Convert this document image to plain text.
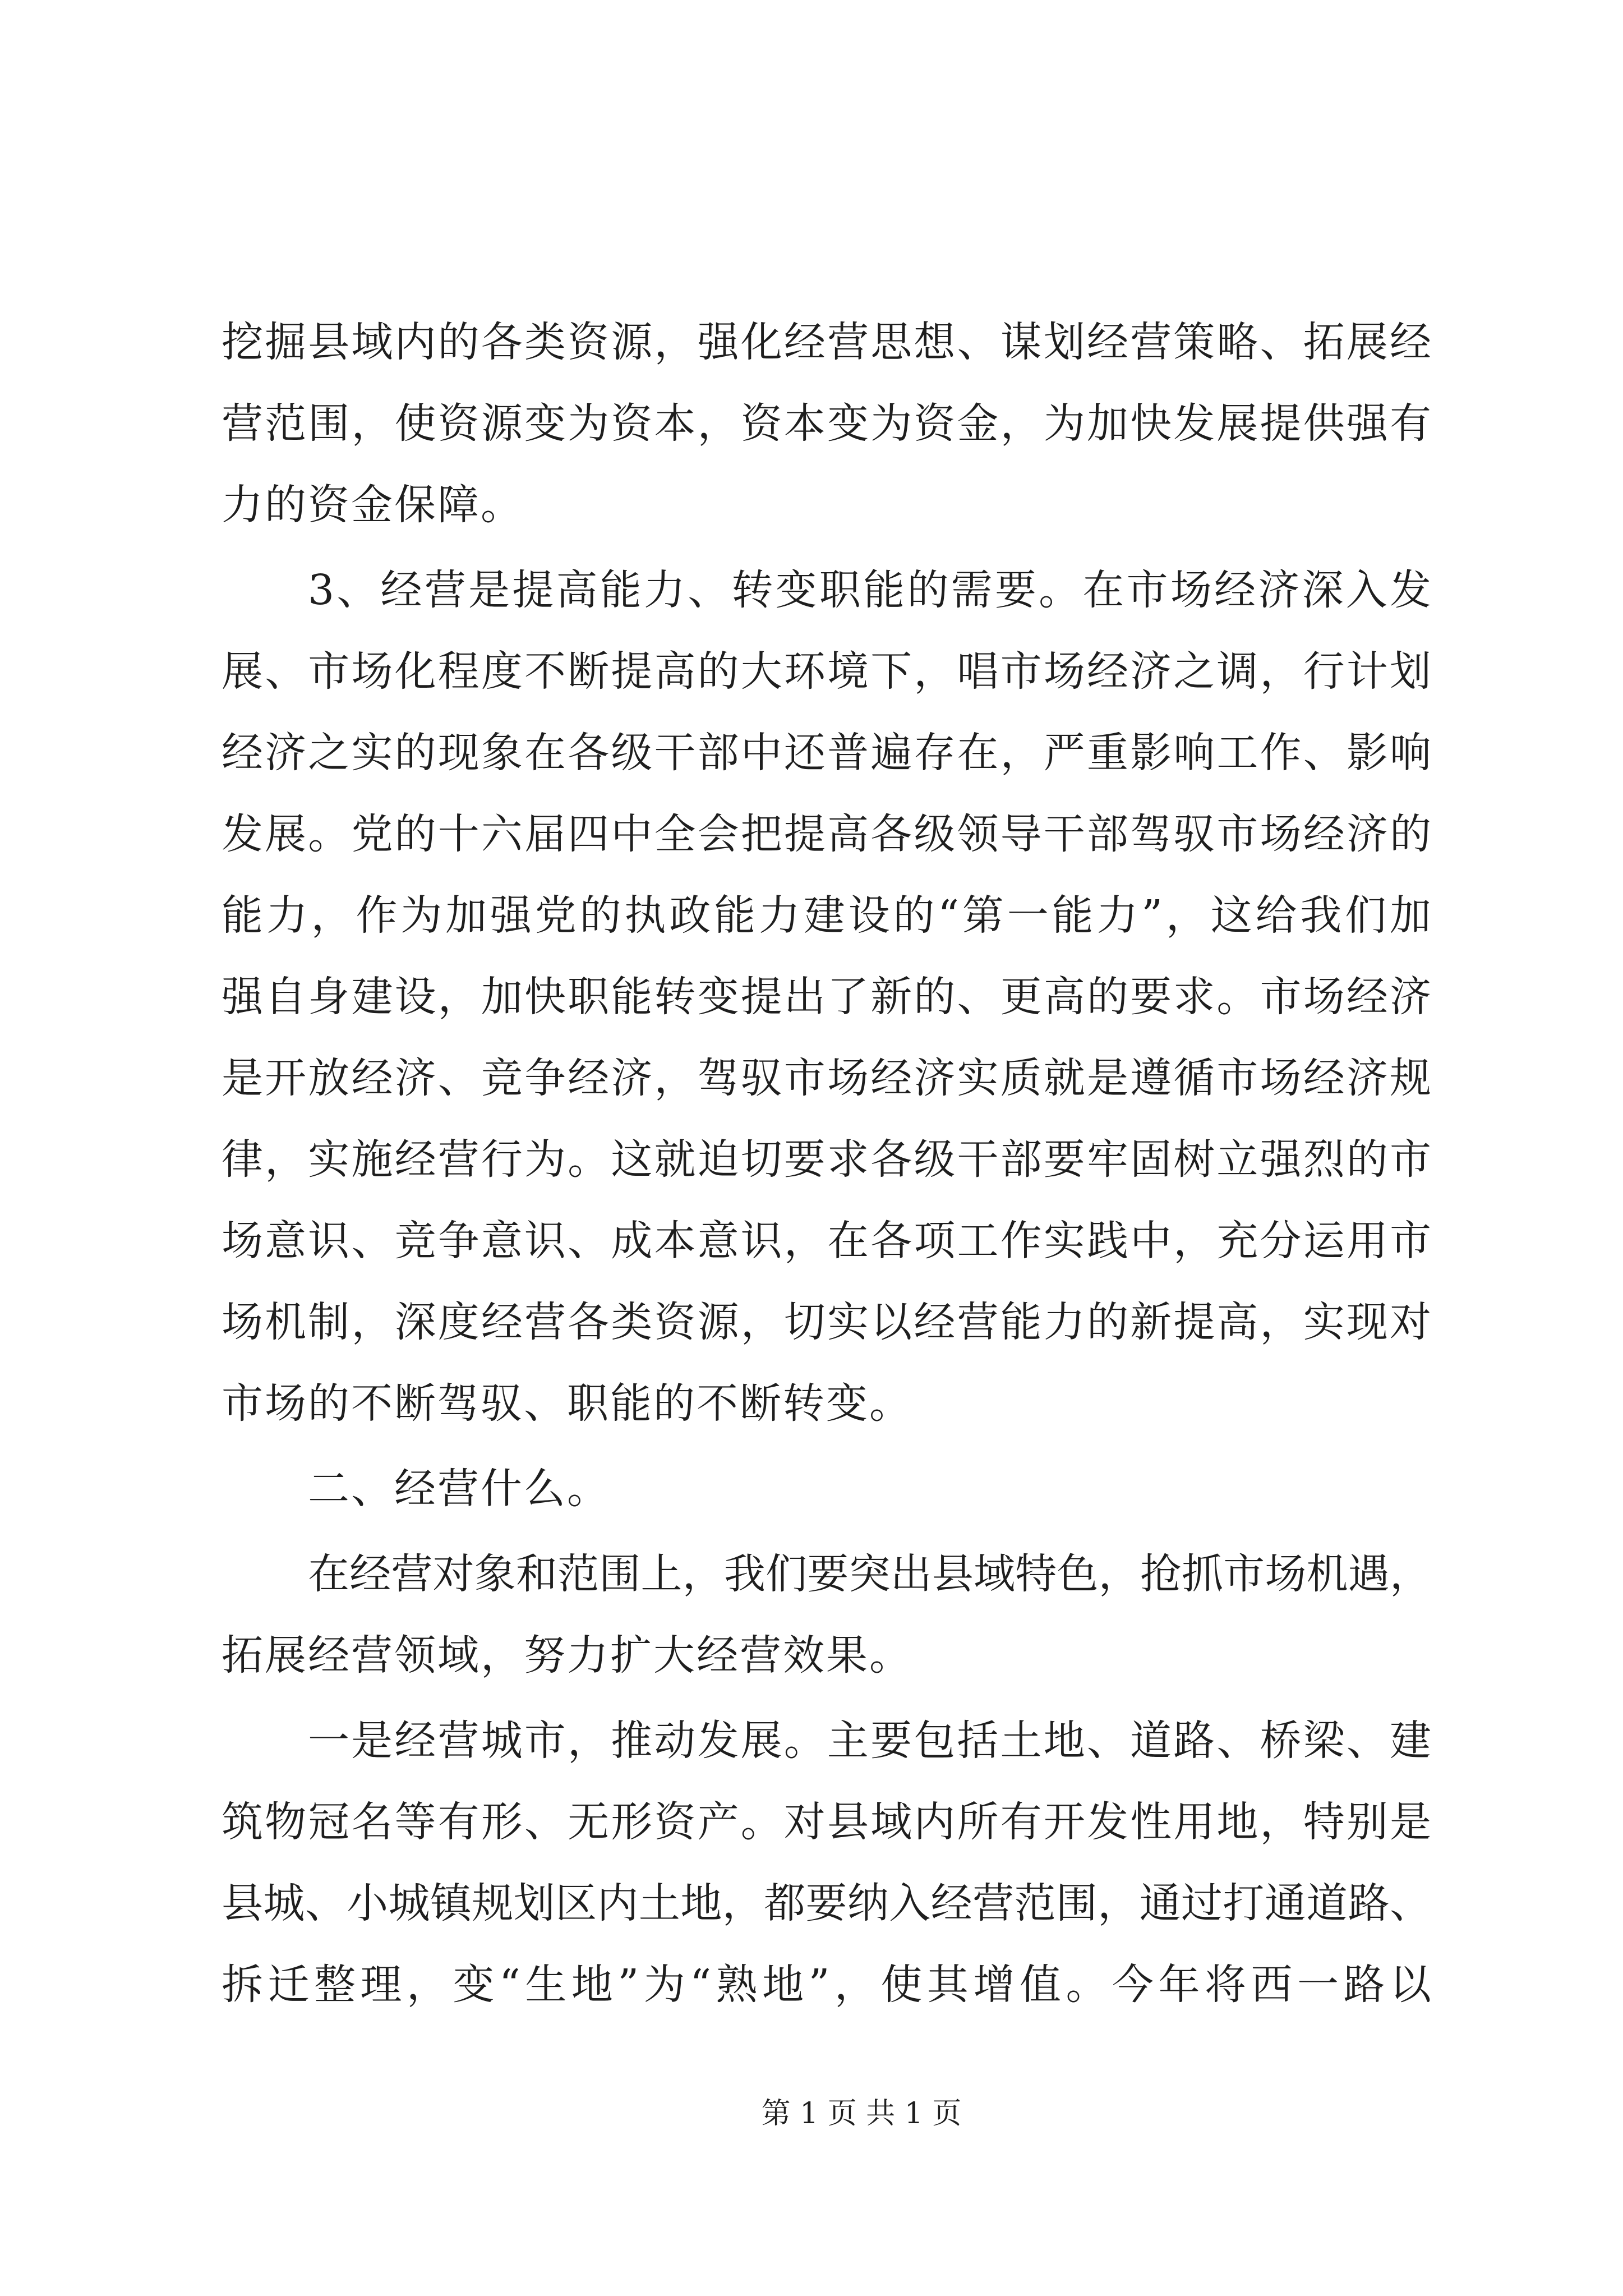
挖掘县域内的各类资源，强化经营思想、谋划经营策略、拓展经
营范围，使资源变为资本，资本变为资金，为加快发展提供强有
力的资金保障。
3、经营是提高能力、转变职能的需要。在市场经济深入发
展、市场化程度不断提高的大环境下，唱市场经济之调，行计划
经济之实的现象在各级干部中还普遍存在，严重影响工作、影响
发展。党的十六届四中全会把提高各级领导干部驾驭市场经济的
能力，作为加强党的执政能力建设的“第一能力”，这给我们加
强自身建设，加快职能转变提出了新的、更高的要求。市场经济
是开放经济、竞争经济，驾驭市场经济实质就是遵循市场经济规
律，实施经营行为。这就迫切要求各级干部要牢固树立强烈的市
场意识、竞争意识、成本意识，在各项工作实践中，充分运用市
场机制，深度经营各类资源，切实以经营能力的新提高，实现对
市场的不断驾驭、职能的不断转变。
二、经营什么。
在经营对象和范围上，我们要突出县域特色，抢抓市场机遇，
拓展经营领域，努力扩大经营效果。
一是经营城市，推动发展。主要包括土地、道路、桥梁、建
筑物冠名等有形、无形资产。对县域内所有开发性用地，特别是
县城、小城镇规划区内土地，都要纳入经营范围，通过打通道路、
拆迁整理，变“生地”为“熟地”，使其增值。今年将西一路以
第 1 页 共 1 页
